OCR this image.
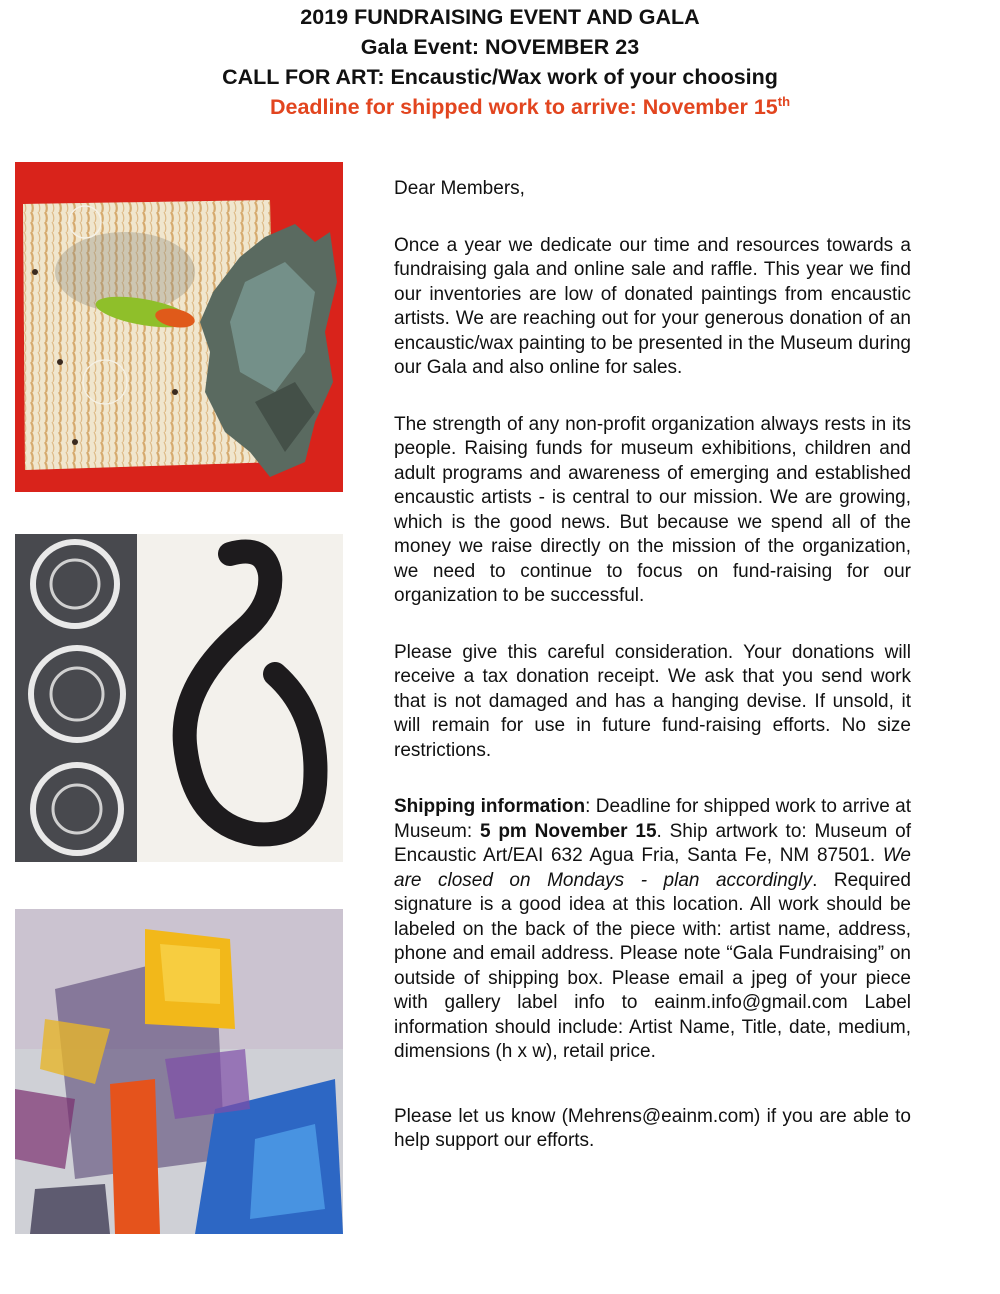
2019 FUNDRAISING EVENT AND GALA
Gala Event: NOVEMBER 23
CALL FOR ART: Encaustic/Wax work of your choosing
Deadline for shipped work to arrive: November 15th

Dear Members,

Once a year we dedicate our time and resources towards a fundraising gala and online sale and raffle. This year we find our inventories are low of donated paintings from encaustic artists. We are reaching out for your generous donation of an encaustic/wax painting to be presented in the Museum during our Gala and also online for sales.

The strength of any non-profit organization always rests in its people. Raising funds for museum exhibitions, children and adult programs and awareness of emerging and established encaustic artists - is central to our mission. We are growing, which is the good news. But because we spend all of the money we raise directly on the mission of the organization, we need to continue to focus on fund-raising for our organization to be successful.

Please give this careful consideration. Your donations will receive a tax donation receipt. We ask that you send work that is not damaged and has a hanging devise. If unsold, it will remain for use in future fund-raising efforts. No size restrictions.

Shipping information: Deadline for shipped work to arrive at Museum: 5 pm November 15. Ship artwork to: Museum of Encaustic Art/EAI 632 Agua Fria, Santa Fe, NM 87501. We are closed on Mondays - plan accordingly. Required signature is a good idea at this location. All work should be labeled on the back of the piece with: artist name, address, phone and email address. Please note “Gala Fundraising” on outside of shipping box. Please email a jpeg of your piece with gallery label info to eainm.info@gmail.com Label information should include: Artist Name, Title, date, medium, dimensions (h x w), retail price.

Please let us know (Mehrens@eainm.com) if you are able to help support our efforts.
